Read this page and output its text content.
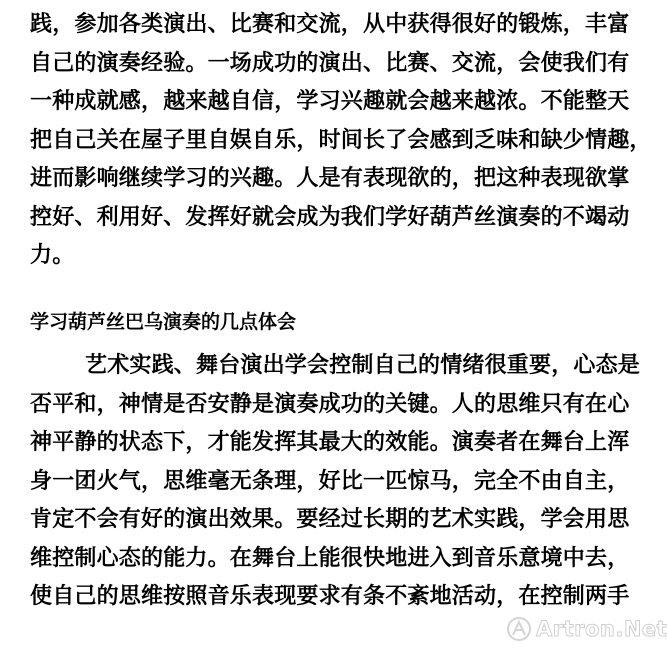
践，参加各类演出、比赛和交流，从中获得很好的锻炼，丰富
自己的演奏经验。一场成功的演出、比赛、交流，会使我们有
一种成就感，越来越自信，学习兴趣就会越来越浓。不能整天
把自己关在屋子里自娱自乐，时间长了会感到乏味和缺少情趣，
进而影响继续学习的兴趣。人是有表现欲的，把这种表现欲掌
控好、利用好、发挥好就会成为我们学好葫芦丝演奏的不竭动
力。
学习葫芦丝巴乌演奏的几点体会
艺术实践、舞台演出学会控制自己的情绪很重要，心态是
否平和，神情是否安静是演奏成功的关键。人的思维只有在心
神平静的状态下，才能发挥其最大的效能。演奏者在舞台上浑
身一团火气，思维毫无条理，好比一匹惊马，完全不由自主，
肯定不会有好的演出效果。要经过长期的艺术实践，学会用思
维控制心态的能力。在舞台上能很快地进入到音乐意境中去，
使自己的思维按照音乐表现要求有条不紊地活动，在控制两手
Artron.Net
